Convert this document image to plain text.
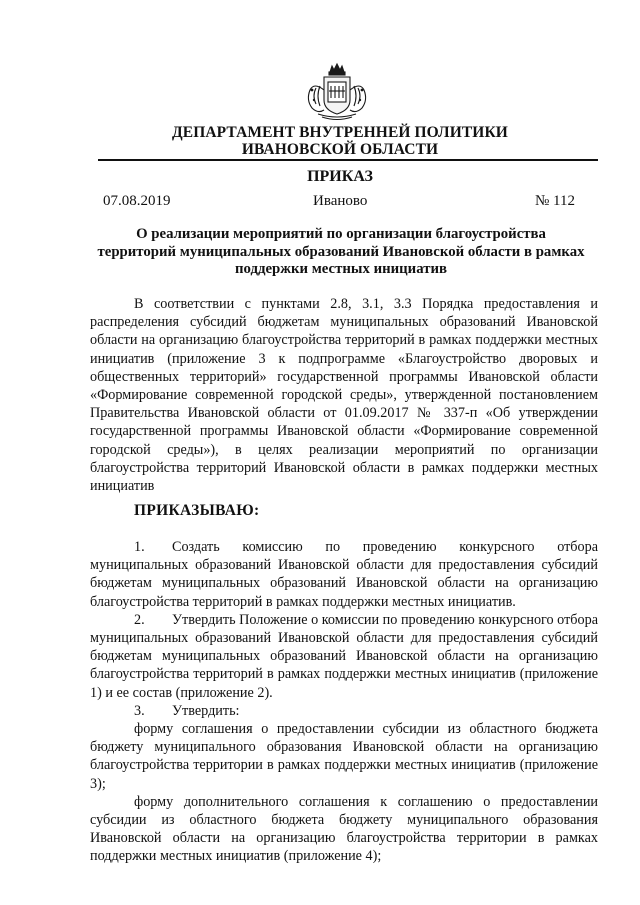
ДЕПАРТАМЕНТ ВНУТРЕННЕЙ ПОЛИТИКИ
ИВАНОВСКОЙ ОБЛАСТИ
ПРИКАЗ
07.08.2019	Иваново	№ 112
О реализации мероприятий по организации благоустройства
территорий муниципальных образований Ивановской области в рамках
поддержки местных инициатив

В соответствии с пунктами 2.8, 3.1, 3.3 Порядка предоставления и распределения субсидий бюджетам муниципальных образований Ивановской области на организацию благоустройства территорий в рамках поддержки местных инициатив (приложение 3 к подпрограмме «Благоустройство дворовых и общественных территорий» государственной программы Ивановской области «Формирование современной городской среды», утвержденной постановлением Правительства Ивановской области от 01.09.2017 № 337-п «Об утверждении государственной программы Ивановской области «Формирование современной городской среды»), в целях реализации мероприятий по организации благоустройства территорий Ивановской области в рамках поддержки местных инициатив

ПРИКАЗЫВАЮ:

1. Создать комиссию по проведению конкурсного отбора муниципальных образований Ивановской области для предоставления субсидий бюджетам муниципальных образований Ивановской области на организацию благоустройства территорий в рамках поддержки местных инициатив.

2. Утвердить Положение о комиссии по проведению конкурсного отбора муниципальных образований Ивановской области для предоставления субсидий бюджетам муниципальных образований Ивановской области на организацию благоустройства территорий в рамках поддержки местных инициатив (приложение 1) и ее состав (приложение 2).

3. Утвердить:

форму соглашения о предоставлении субсидии из областного бюджета бюджету муниципального образования Ивановской области на организацию благоустройства территории в рамках поддержки местных инициатив (приложение 3);

форму дополнительного соглашения к соглашению о предоставлении субсидии из областного бюджета бюджету муниципального образования Ивановской области на организацию благоустройства территории в рамках поддержки местных инициатив (приложение 4);
